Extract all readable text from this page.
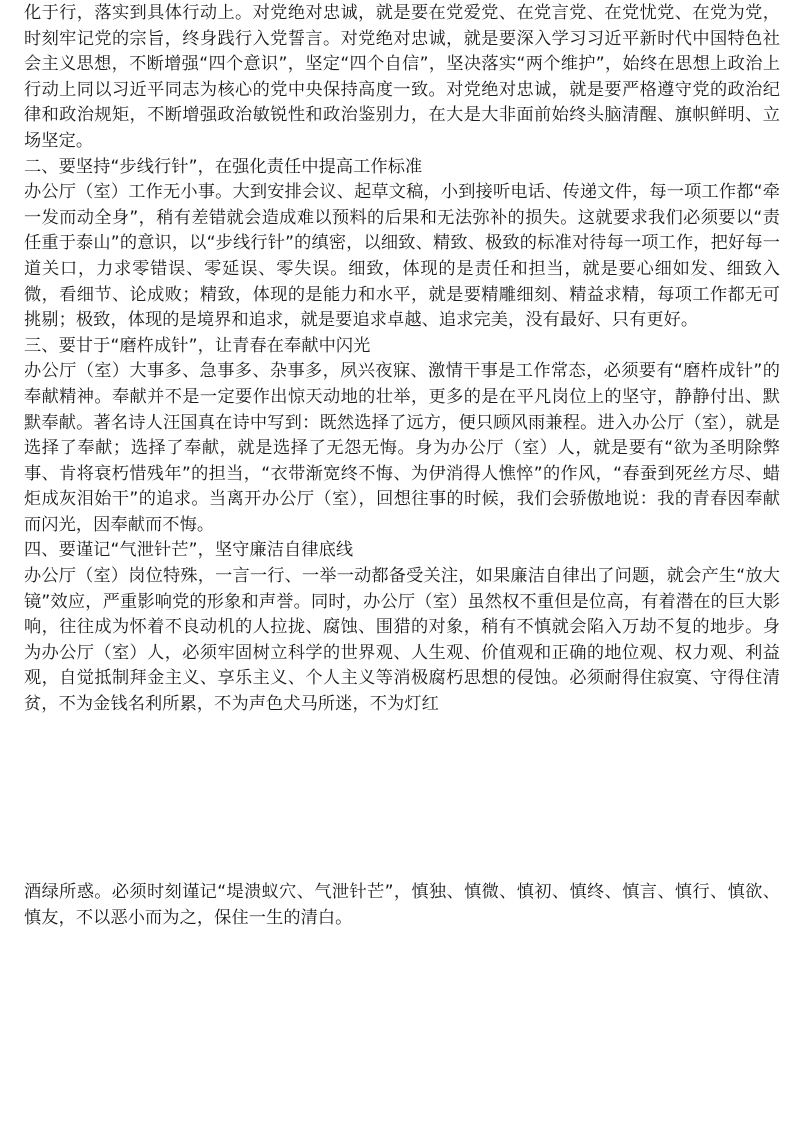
化于行，落实到具体行动上。对党绝对忠诚，就是要在党爱党、在党言党、在党忧党、在党为党，时刻牢记党的宗旨，终身践行入党誓言。对党绝对忠诚，就是要深入学习习近平新时代中国特色社会主义思想，不断增强“四个意识”，坚定“四个自信”，坚决落实“两个维护”，始终在思想上政治上行动上同以习近平同志为核心的党中央保持高度一致。对党绝对忠诚，就是要严格遵守党的政治纪律和政治规矩，不断增强政治敏锐性和政治鉴别力，在大是大非面前始终头脑清醒、旗帜鲜明、立场坚定。

二、要坚持“步线行针”，在强化责任中提高工作标准

办公厅（室）工作无小事。大到安排会议、起草文稿，小到接听电话、传递文件，每一项工作都“牵一发而动全身”，稍有差错就会造成难以预料的后果和无法弥补的损失。这就要求我们必须要以“责任重于泰山”的意识，以“步线行针”的缜密，以细致、精致、极致的标准对待每一项工作，把好每一道关口，力求零错误、零延误、零失误。细致，体现的是责任和担当，就是要心细如发、细致入微，看细节、论成败；精致，体现的是能力和水平，就是要精雕细刻、精益求精，每项工作都无可挑剔；极致，体现的是境界和追求，就是要追求卓越、追求完美，没有最好、只有更好。

三、要甘于“磨杵成针”，让青春在奉献中闪光

办公厅（室）大事多、急事多、杂事多，夙兴夜寐、激情干事是工作常态，必须要有“磨杵成针”的奉献精神。奉献并不是一定要作出惊天动地的壮举，更多的是在平凡岗位上的坚守，静静付出、默默奉献。著名诗人汪国真在诗中写到：既然选择了远方，便只顾风雨兼程。进入办公厅（室），就是选择了奉献；选择了奉献，就是选择了无怨无悔。身为办公厅（室）人，就是要有“欲为圣明除弊事、肯将衰朽惜残年”的担当，“衣带渐宽终不悔、为伊消得人憔悴”的作风，“春蚕到死丝方尽、蜡炬成灰泪始干”的追求。当离开办公厅（室），回想往事的时候，我们会骄傲地说：我的青春因奉献而闪光，因奉献而不悔。

四、要谨记“气泄针芒”，坚守廉洁自律底线

办公厅（室）岗位特殊，一言一行、一举一动都备受关注，如果廉洁自律出了问题，就会产生“放大镜”效应，严重影响党的形象和声誉。同时，办公厅（室）虽然权不重但是位高，有着潜在的巨大影响，往往成为怀着不良动机的人拉拢、腐蚀、围猎的对象，稍有不慎就会陷入万劫不复的地步。身为办公厅（室）人，必须牢固树立科学的世界观、人生观、价值观和正确的地位观、权力观、利益观，自觉抵制拜金主义、享乐主义、个人主义等消极腐朽思想的侵蚀。必须耐得住寂寞、守得住清贫，不为金钱名利所累，不为声色犬马所迷，不为灯红

酒绿所惑。必须时刻谨记“堤溃蚁穴、气泄针芒”，慎独、慎微、慎初、慎终、慎言、慎行、慎欲、慎友，不以恶小而为之，保住一生的清白。
